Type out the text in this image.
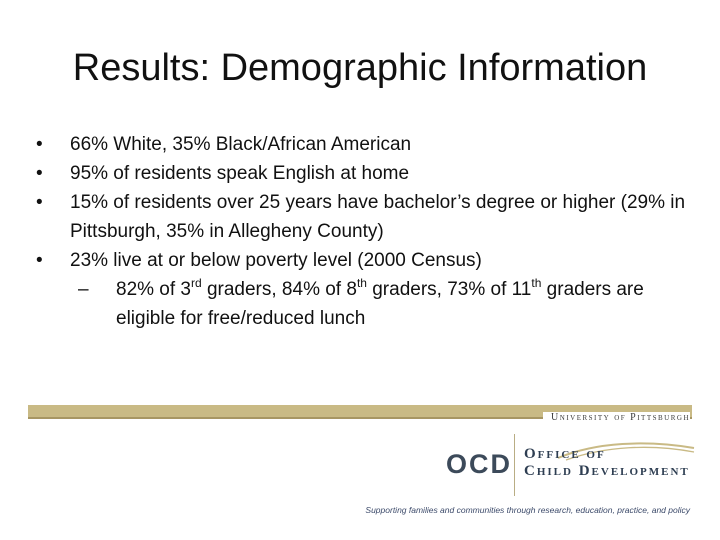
Results: Demographic Information
•	66% White, 35% Black/African American
•	95% of residents speak English at home
•	15% of residents over 25 years have bachelor’s degree or higher (29% in Pittsburgh, 35% in Allegheny County)
•	23% live at or below poverty level (2000 Census)
– 82% of 3rd graders, 84% of 8th graders, 73% of 11th graders are eligible for free/reduced lunch
University of Pittsburgh
OCD Office of
Child Development
Supporting families and communities through research, education, practice, and policy
